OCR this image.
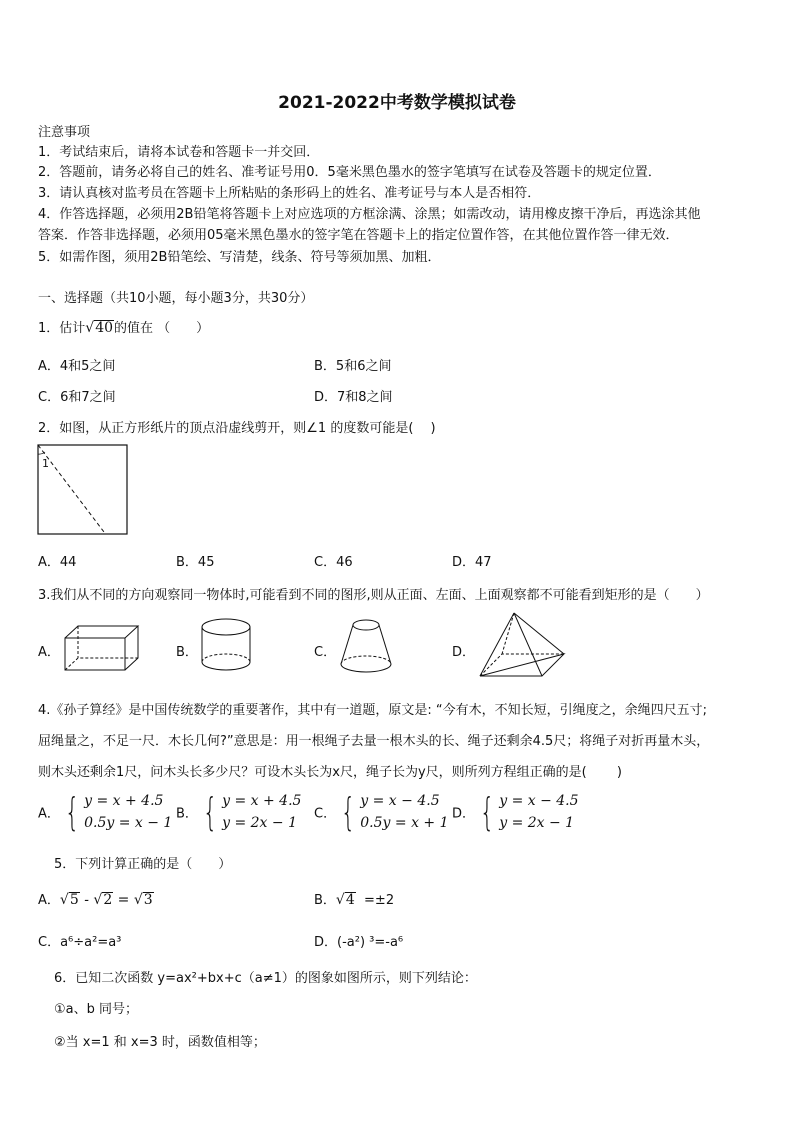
2021-2022中考数学模拟试卷
注意事项
1．考试结束后，请将本试卷和答题卡一并交回．
2．答题前，请务必将自己的姓名、准考证号用0．5毫米黑色墨水的签字笔填写在试卷及答题卡的规定位置．
3．请认真核对监考员在答题卡上所粘贴的条形码上的姓名、准考证号与本人是否相符．
4．作答选择题，必须用2B铅笔将答题卡上对应选项的方框涂满、涂黑；如需改动，请用橡皮擦干净后，再选涂其他
答案．作答非选择题，必须用05毫米黑色墨水的签字笔在答题卡上的指定位置作答，在其他位置作答一律无效．
5．如需作图，须用2B铅笔绘、写清楚，线条、符号等须加黑、加粗．
一、选择题（共10小题，每小题3分，共30分）
1．估计√40的值在 （　　）
A．4和5之间	B．5和6之间
C．6和7之间	D．7和8之间
2．如图，从正方形纸片的顶点沿虚线剪开，则∠1 的度数可能是(　 )
1
A．44	B．45	C．46	D．47
3.我们从不同的方向观察同一物体时,可能看到不同的图形,则从正面、左面、上面观察都不可能看到矩形的是（　　）
A．	B．	C．	D．
4.《孙子算经》是中国传统数学的重要著作，其中有一道题，原文是: “今有木，不知长短，引绳度之，余绳四尺五寸;
屈绳量之，不足一尺．木长几何?”意思是：用一根绳子去量一根木头的长、绳子还剩余4.5尺；将绳子对折再量木头，
则木头还剩余1尺，问木头长多少尺？可设木头长为x尺，绳子长为y尺，则所列方程组正确的是(　　 )
A． { y = x + 4.5
0.5y = x − 1
B． { y = x + 4.5
y = 2x − 1
C． { y = x − 4.5
0.5y = x + 1
D． { y = x − 4.5
y = 2x − 1
5．下列计算正确的是（　　）
A．√5 - √2 = √3	B．√4 =±2
C．a⁶÷a²=a³	D．(-a²) ³=-a⁶
6．已知二次函数 y=ax²+bx+c（a≠1）的图象如图所示，则下列结论：
①a、b 同号；
②当 x=1 和 x=3 时，函数值相等；
